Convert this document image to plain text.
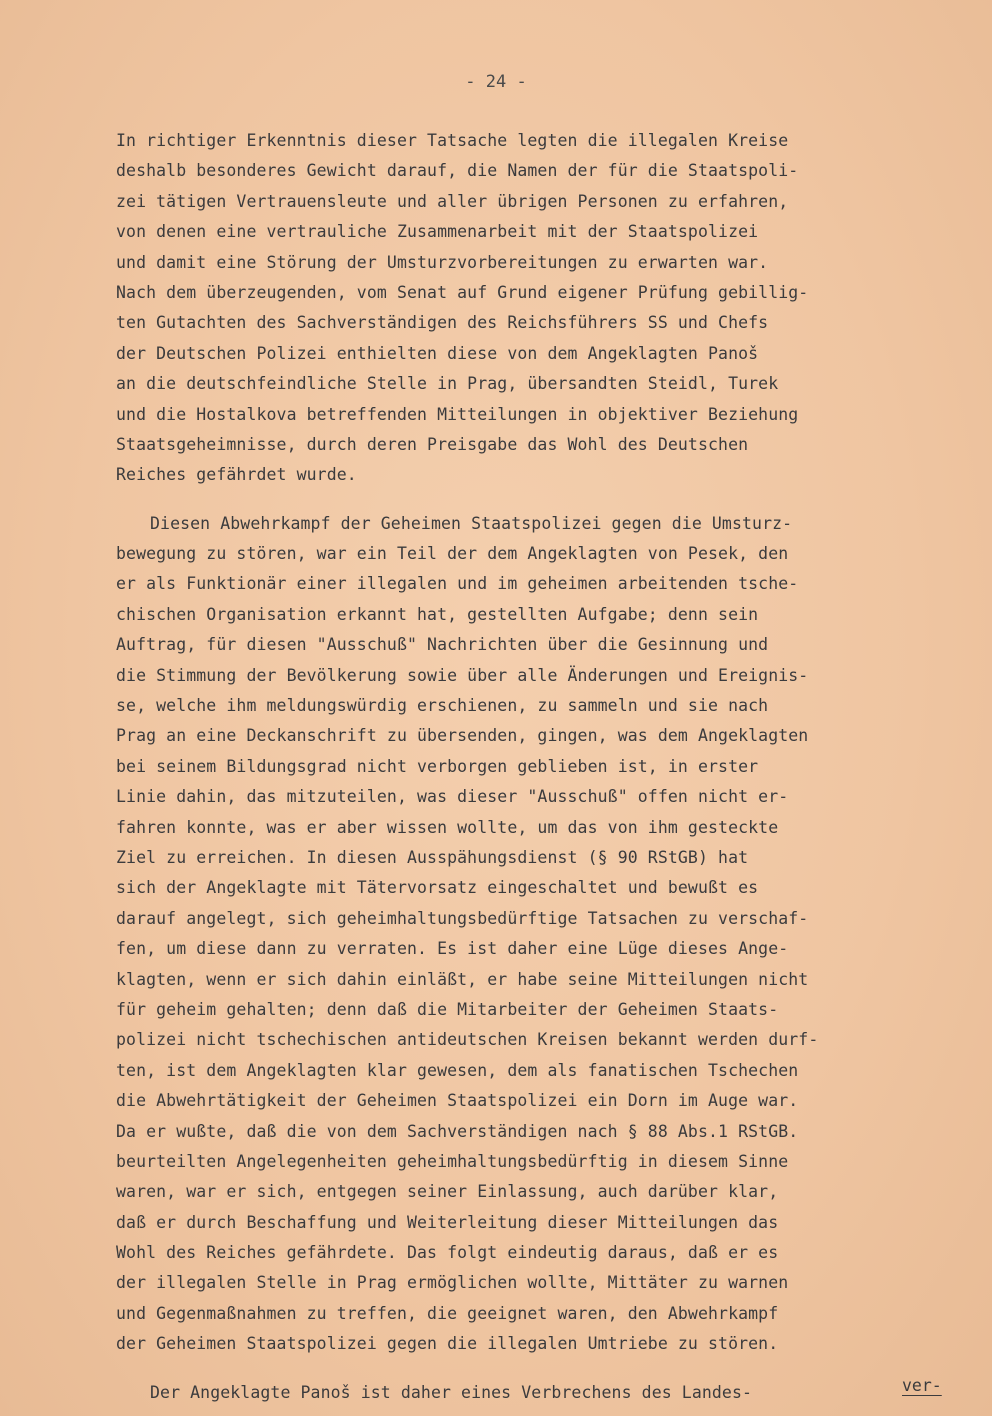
- 24 -
In richtiger Erkenntnis dieser Tatsache legten die illegalen Kreise
deshalb besonderes Gewicht darauf, die Namen der für die Staatspoli-
zei tätigen Vertrauensleute und aller übrigen Personen zu erfahren,
von denen eine vertrauliche Zusammenarbeit mit der Staatspolizei
und damit eine Störung der Umsturzvorbereitungen zu erwarten war.
Nach dem überzeugenden, vom Senat auf Grund eigener Prüfung gebillig-
ten Gutachten des Sachverständigen des Reichsführers SS und Chefs
der Deutschen Polizei enthielten diese von dem Angeklagten Panoš
an die deutschfeindliche Stelle in Prag, übersandten Steidl, Turek
und die Hostalkova betreffenden Mitteilungen in objektiver Beziehung
Staatsgeheimnisse, durch deren Preisgabe das Wohl des Deutschen
Reiches gefährdet wurde.
Diesen Abwehrkampf der Geheimen Staatspolizei gegen die Umsturz-
bewegung zu stören, war ein Teil der dem Angeklagten von Pesek, den
er als Funktionär einer illegalen und im geheimen arbeitenden tsche-
chischen Organisation erkannt hat, gestellten Aufgabe; denn sein
Auftrag, für diesen "Ausschuß" Nachrichten über die Gesinnung und
die Stimmung der Bevölkerung sowie über alle Änderungen und Ereignis-
se, welche ihm meldungswürdig erschienen, zu sammeln und sie nach
Prag an eine Deckanschrift zu übersenden, gingen, was dem Angeklagten
bei seinem Bildungsgrad nicht verborgen geblieben ist, in erster
Linie dahin, das mitzuteilen, was dieser "Ausschuß" offen nicht er-
fahren konnte, was er aber wissen wollte, um das von ihm gesteckte
Ziel zu erreichen. In diesen Ausspähungsdienst (§ 90 RStGB) hat
sich der Angeklagte mit Tätervorsatz eingeschaltet und bewußt es
darauf angelegt, sich geheimhaltungsbedürftige Tatsachen zu verschaf-
fen, um diese dann zu verraten. Es ist daher eine Lüge dieses Ange-
klagten, wenn er sich dahin einläßt, er habe seine Mitteilungen nicht
für geheim gehalten; denn daß die Mitarbeiter der Geheimen Staats-
polizei nicht tschechischen antideutschen Kreisen bekannt werden durf-
ten, ist dem Angeklagten klar gewesen, dem als fanatischen Tschechen
die Abwehrtätigkeit der Geheimen Staatspolizei ein Dorn im Auge war.
Da er wußte, daß die von dem Sachverständigen nach § 88 Abs.1 RStGB.
beurteilten Angelegenheiten geheimhaltungsbedürftig in diesem Sinne
waren, war er sich, entgegen seiner Einlassung, auch darüber klar,
daß er durch Beschaffung und Weiterleitung dieser Mitteilungen das
Wohl des Reiches gefährdete. Das folgt eindeutig daraus, daß er es
der illegalen Stelle in Prag ermöglichen wollte, Mittäter zu warnen
und Gegenmaßnahmen zu treffen, die geeignet waren, den Abwehrkampf
der Geheimen Staatspolizei gegen die illegalen Umtriebe zu stören.
Der Angeklagte Panoš ist daher eines Verbrechens des Landes-	ver-
